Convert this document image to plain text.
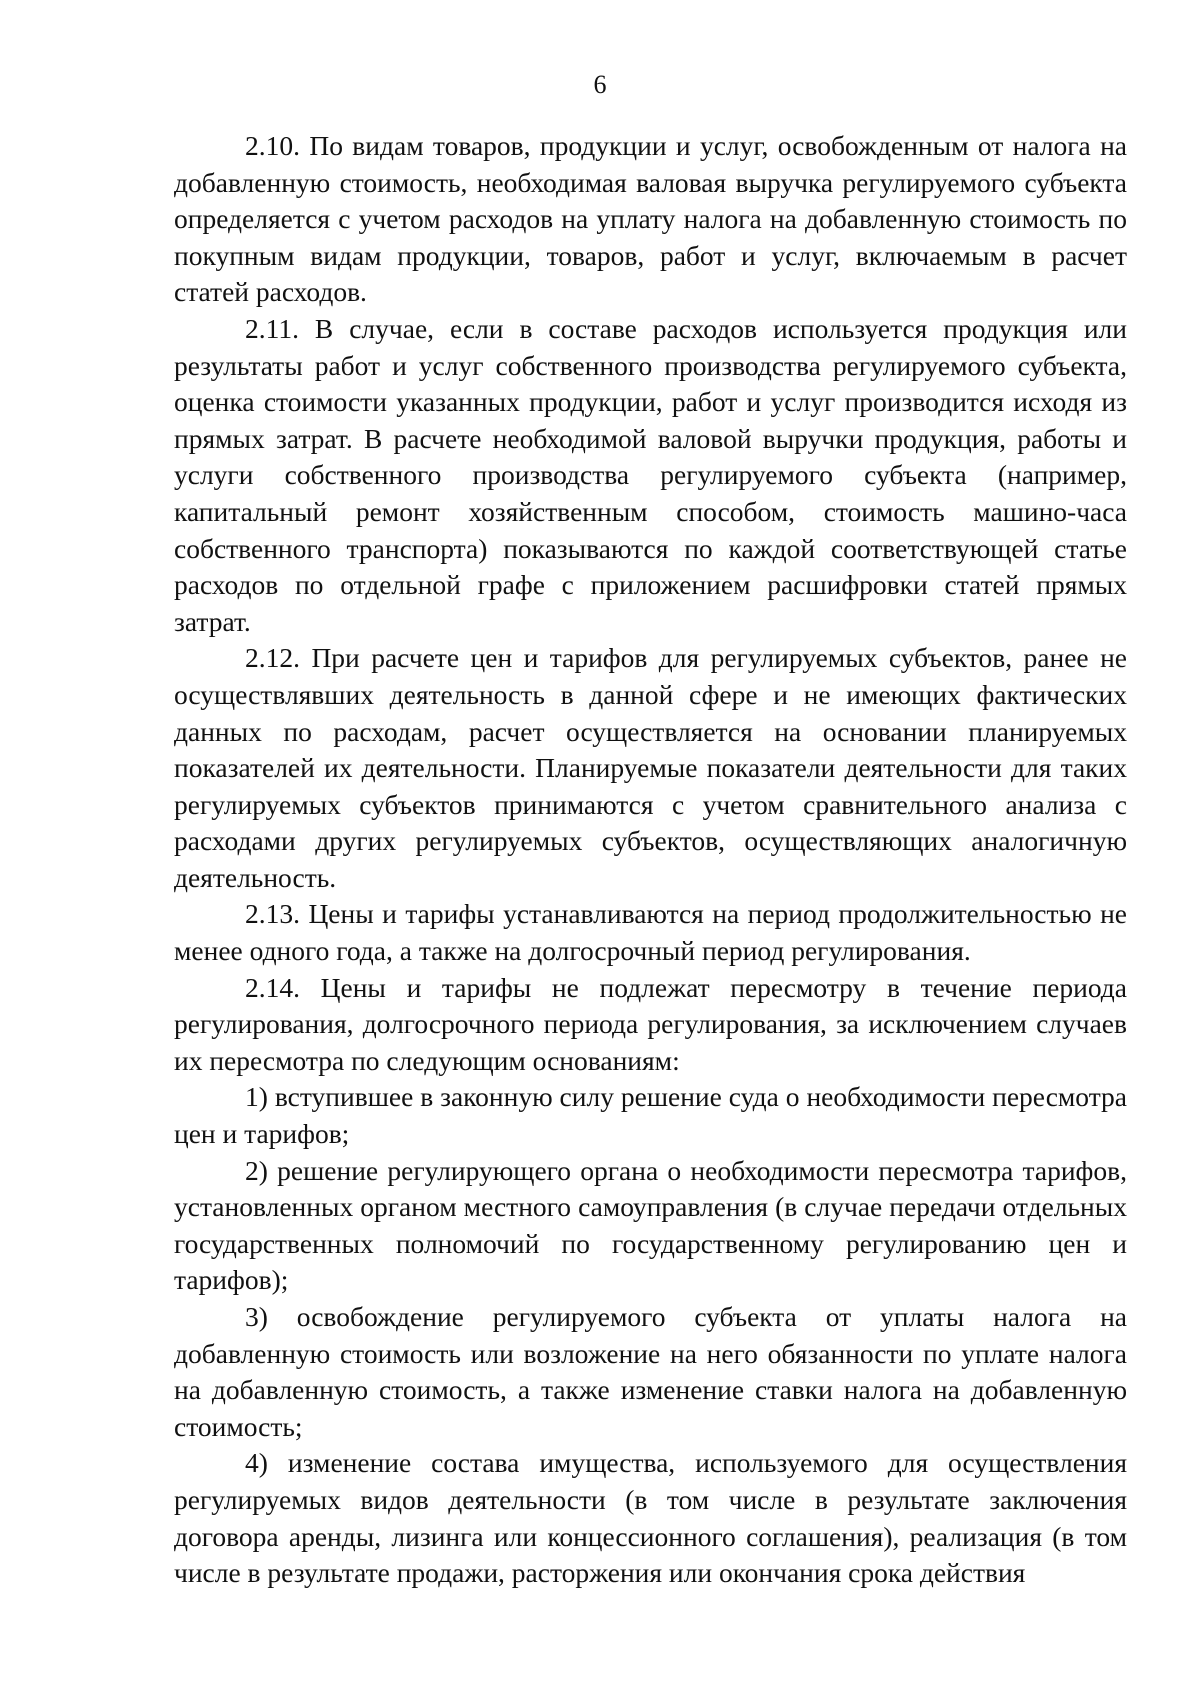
6

2.10. По видам товаров, продукции и услуг, освобожденным от налога на добавленную стоимость, необходимая валовая выручка регулируемого субъекта определяется с учетом расходов на уплату налога на добавленную стоимость по покупным видам продукции, товаров, работ и услуг, включаемым в расчет статей расходов.

2.11. В случае, если в составе расходов используется продукция или результаты работ и услуг собственного производства регулируемого субъекта, оценка стоимости указанных продукции, работ и услуг производится исходя из прямых затрат. В расчете необходимой валовой выручки продукция, работы и услуги собственного производства регулируемого субъекта (например, капитальный ремонт хозяйственным способом, стоимость машино-часа собственного транспорта) показываются по каждой соответствующей статье расходов по отдельной графе с приложением расшифровки статей прямых затрат.

2.12. При расчете цен и тарифов для регулируемых субъектов, ранее не осуществлявших деятельность в данной сфере и не имеющих фактических данных по расходам, расчет осуществляется на основании планируемых показателей их деятельности. Планируемые показатели деятельности для таких регулируемых субъектов принимаются с учетом сравнительного анализа с расходами других регулируемых субъектов, осуществляющих аналогичную деятельность.

2.13. Цены и тарифы устанавливаются на период продолжительностью не менее одного года, а также на долгосрочный период регулирования.

2.14. Цены и тарифы не подлежат пересмотру в течение периода регулирования, долгосрочного периода регулирования, за исключением случаев их пересмотра по следующим основаниям:

1) вступившее в законную силу решение суда о необходимости пересмотра цен и тарифов;

2) решение регулирующего органа о необходимости пересмотра тарифов, установленных органом местного самоуправления (в случае передачи отдельных государственных полномочий по государственному регулированию цен и тарифов);

3) освобождение регулируемого субъекта от уплаты налога на добавленную стоимость или возложение на него обязанности по уплате налога на добавленную стоимость, а также изменение ставки налога на добавленную стоимость;

4) изменение состава имущества, используемого для осуществления регулируемых видов деятельности (в том числе в результате заключения договора аренды, лизинга или концессионного соглашения), реализация (в том числе в результате продажи, расторжения или окончания срока действия
